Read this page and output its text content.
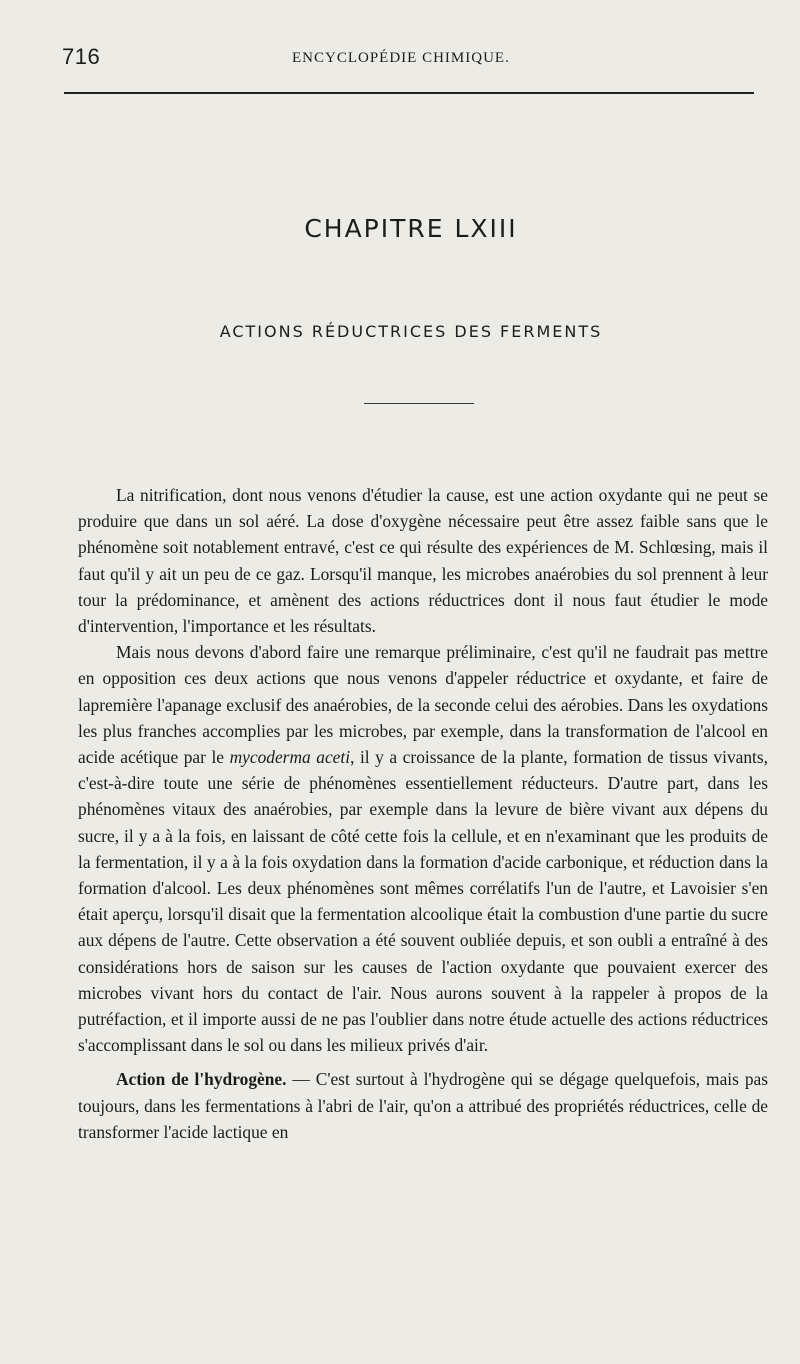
716	ENCYCLOPÉDIE CHIMIQUE.
CHAPITRE LXIII
ACTIONS RÉDUCTRICES DES FERMENTS

La nitrification, dont nous venons d'étudier la cause, est une action oxydante qui ne peut se produire que dans un sol aéré. La dose d'oxygène nécessaire peut être assez faible sans que le phénomène soit notablement entravé, c'est ce qui résulte des expériences de M. Schlœsing, mais il faut qu'il y ait un peu de ce gaz. Lorsqu'il manque, les microbes anaérobies du sol prennent à leur tour la prédominance, et amènent des actions réductrices dont il nous faut étudier le mode d'intervention, l'importance et les résultats.

Mais nous devons d'abord faire une remarque préliminaire, c'est qu'il ne faudrait pas mettre en opposition ces deux actions que nous venons d'appeler réductrice et oxydante, et faire de lapremière l'apanage exclusif des anaérobies, de la seconde celui des aérobies. Dans les oxydations les plus franches accomplies par les microbes, par exemple, dans la transformation de l'alcool en acide acétique par le mycoderma aceti, il y a croissance de la plante, formation de tissus vivants, c'est-à-dire toute une série de phénomènes essentiellement réducteurs. D'autre part, dans les phénomènes vitaux des anaérobies, par exemple dans la levure de bière vivant aux dépens du sucre, il y a à la fois, en laissant de côté cette fois la cellule, et en n'examinant que les produits de la fermentation, il y a à la fois oxydation dans la formation d'acide carbonique, et réduction dans la formation d'alcool. Les deux phénomènes sont mêmes corrélatifs l'un de l'autre, et Lavoisier s'en était aperçu, lorsqu'il disait que la fermentation alcoolique était la combustion d'une partie du sucre aux dépens de l'autre. Cette observation a été souvent oubliée depuis, et son oubli a entraîné à des considérations hors de saison sur les causes de l'action oxydante que pouvaient exercer des microbes vivant hors du contact de l'air. Nous aurons souvent à la rappeler à propos de la putréfaction, et il importe aussi de ne pas l'oublier dans notre étude actuelle des actions réductrices s'accomplissant dans le sol ou dans les milieux privés d'air.

Action de l'hydrogène. — C'est surtout à l'hydrogène qui se dégage quelquefois, mais pas toujours, dans les fermentations à l'abri de l'air, qu'on a attribué des propriétés réductrices, celle de transformer l'acide lactique en
